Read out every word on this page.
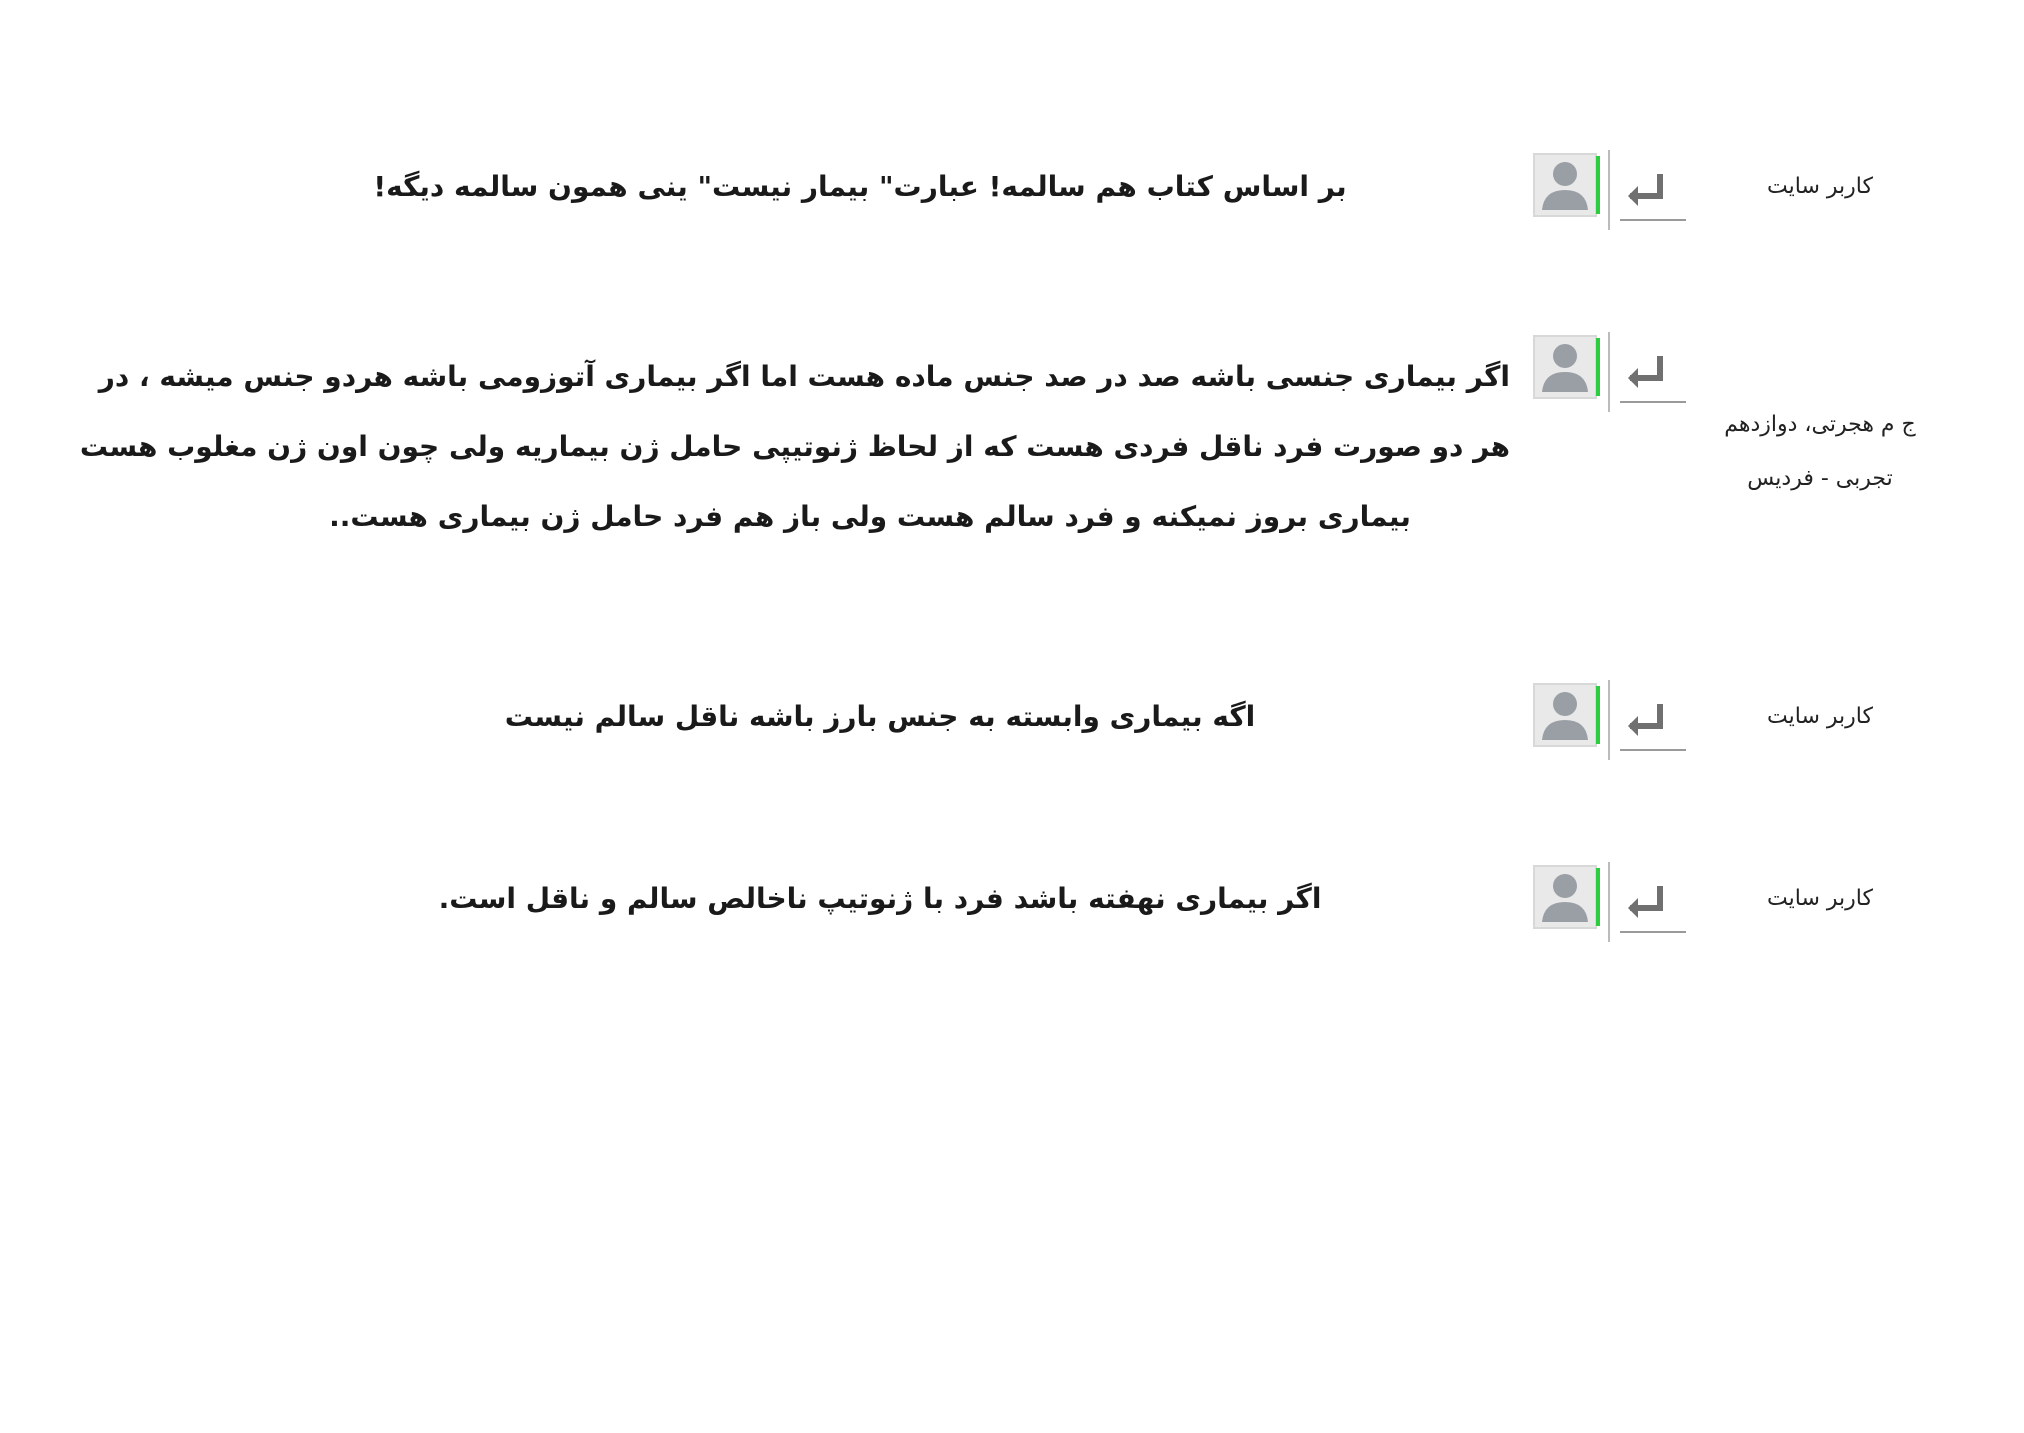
کاربر سایت
بر اساس کتاب هم سالمه! عبارت" بیمار نیست" ینی همون سالمه دیگه!
ج م هجرتی، دوازدهم
تجربی - فردیس
اگر بیماری جنسی باشه صد در صد جنس ماده هست اما اگر بیماری آتوزومی باشه هردو جنس میشه ، در
هر دو صورت فرد ناقل فردی هست که از لحاظ ژنوتیپی حامل ژن بیماریه ولی چون اون ژن مغلوب هست
بیماری بروز نمیکنه و فرد سالم هست ولی باز هم فرد حامل ژن بیماری هست..
کاربر سایت
اگه بیماری وابسته به جنس بارز باشه ناقل سالم نیست
کاربر سایت
اگر بیماری نهفته باشد فرد با ژنوتیپ ناخالص سالم و ناقل است.
